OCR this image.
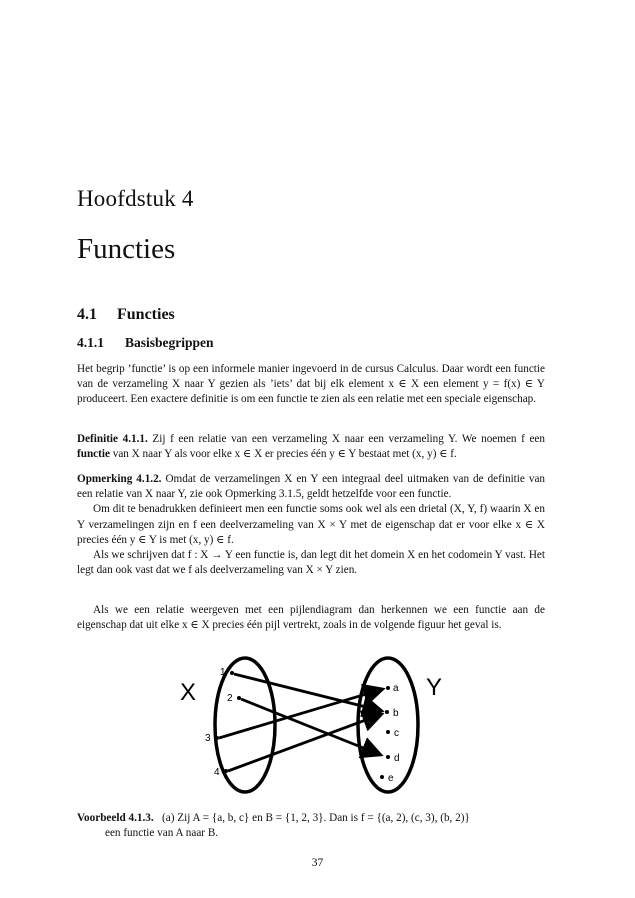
Hoofdstuk 4
Functies
4.1 Functies
4.1.1 Basisbegrippen

Het begrip ’functie’ is op een informele manier ingevoerd in de cursus Calculus. Daar wordt een functie van de verzameling X naar Y gezien als ’iets’ dat bij elk element x ∈ X een element y = f(x) ∈ Y produceert. Een exactere definitie is om een functie te zien als een relatie met een speciale eigenschap.

Definitie 4.1.1. Zij f een relatie van een verzameling X naar een verzameling Y. We noemen f een functie van X naar Y als voor elke x ∈ X er precies één y ∈ Y bestaat met (x, y) ∈ f.

Opmerking 4.1.2. Omdat de verzamelingen X en Y een integraal deel uitmaken van de definitie van een relatie van X naar Y, zie ook Opmerking 3.1.5, geldt hetzelfde voor een functie.

Om dit te benadrukken definieert men een functie soms ook wel als een drietal (X, Y, f) waarin X en Y verzamelingen zijn en f een deelverzameling van X × Y met de eigenschap dat er voor elke x ∈ X precies één y ∈ Y is met (x, y) ∈ f.

Als we schrijven dat f : X → Y een functie is, dan legt dit het domein X en het codomein Y vast. Het legt dan ook vast dat we f als deelverzameling van X × Y zien.

Als we een relatie weergeven met een pijlendiagram dan herkennen we een functie aan de eigenschap dat uit elke x ∈ X precies één pijl vertrekt, zoals in de volgende figuur het geval is.

X	Y
1
2
3
4
a
b
c
d
e

Voorbeeld 4.1.3. (a) Zij A = {a, b, c} en B = {1, 2, 3}. Dan is f = {(a, 2), (c, 3), (b, 2)}

een functie van A naar B.

37
